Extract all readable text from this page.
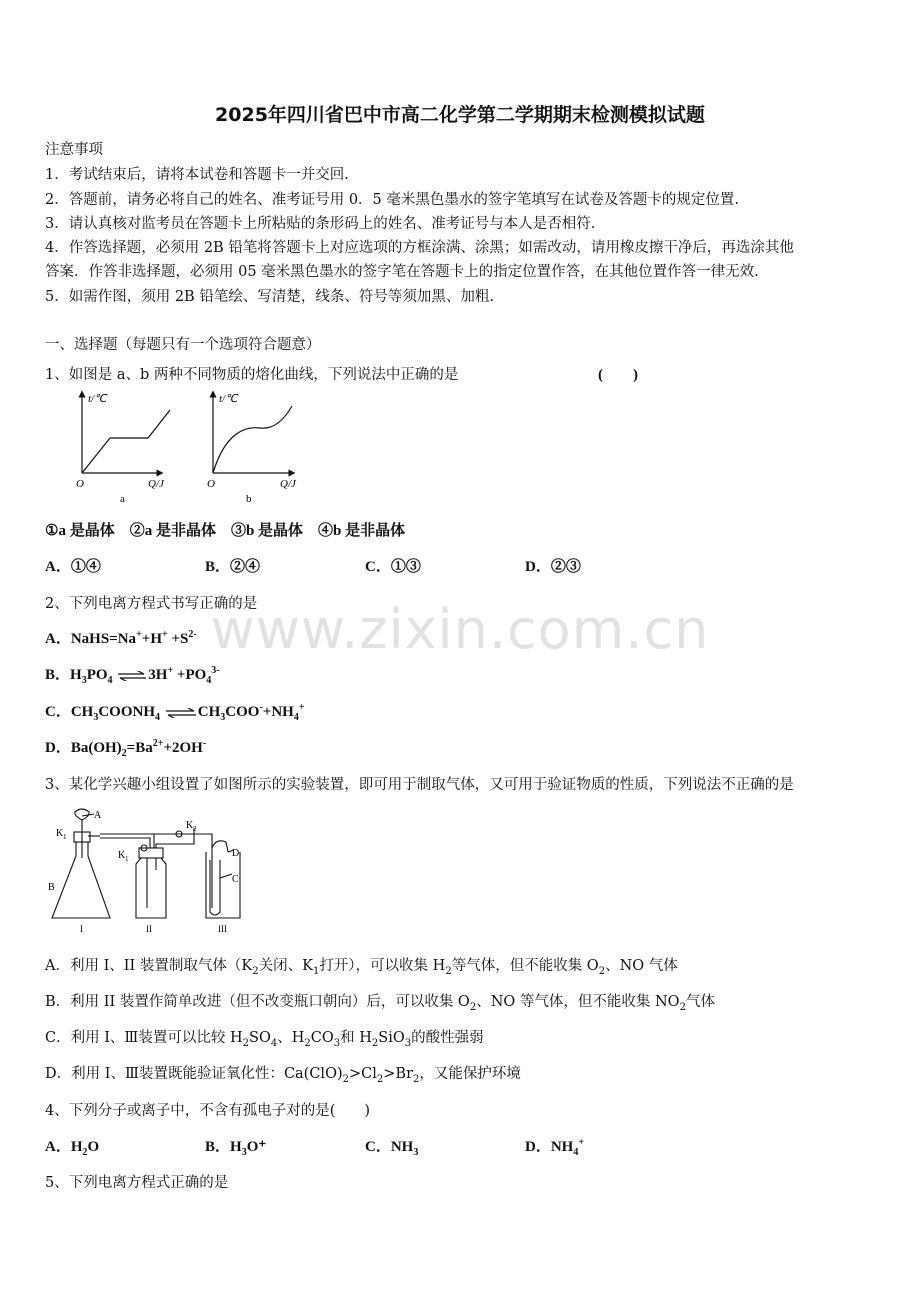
www.zixin.com.cn
2025年四川省巴中市高二化学第二学期期末检测模拟试题
注意事项
1．考试结束后，请将本试卷和答题卡一并交回.
2．答题前，请务必将自己的姓名、准考证号用 0．5 毫米黑色墨水的签字笔填写在试卷及答题卡的规定位置.
3．请认真核对监考员在答题卡上所粘贴的条形码上的姓名、准考证号与本人是否相符.
4．作答选择题，必须用 2B 铅笔将答题卡上对应选项的方框涂满、涂黑；如需改动，请用橡皮擦干净后，再选涂其他
答案．作答非选择题，必须用 05 毫米黑色墨水的签字笔在答题卡上的指定位置作答，在其他位置作答一律无效.
5．如需作图，须用 2B 铅笔绘、写清楚，线条、符号等须加黑、加粗.
一、选择题（每题只有一个选项符合题意）
1、如图是 a、b 两种不同物质的熔化曲线，下列说法中正确的是	(　　)
t/℃
O	Q/J
a
t/℃
O	Q/J
b
①a 是晶体　②a 是非晶体　③b 是晶体　④b 是非晶体
A．①④	B．②④	C．①③	D．②③
2、下列电离方程式书写正确的是
A．NaHS=Na++H+ $+S^{2-}$
B．$H_3PO_4$ ⇌3H+ $+PO_4^{3-}$
C．$CH_3COONH_4$ $\rightleftharpoons CH_3COO^-+NH_4^+$
D．$Ba(OH)_2=Ba^{2+}+2OH^-$
3、某化学兴趣小组设置了如图所示的实验装置，即可用于制取气体，又可用于验证物质的性质，下列说法不正确的是
A
K 1
B
K 1
K 2
D
C
I	II	III
A．利用 I、II 装置制取气体（$K_2$关闭、$K_1$打开），可以收集 $H_2$等气体，但不能收集 $O_2$、NO 气体
B．利用 II 装置作简单改进（但不改变瓶口朝向）后，可以收集 $O_2$、NO 等气体，但不能收集 $NO_2$气体
C．利用 I、Ⅲ装置可以比较 $H_2SO_4$、$H_2CO_3$和 $H_2SiO_3$的酸性强弱
D．利用 I、Ⅲ装置既能验证氧化性：$Ca(ClO)_2>Cl_2>Br_2$，又能保护环境
4、下列分子或离子中，不含有孤电子对的是(　　)
A．$H_2O$	B．$H_3O^+$	C．$NH_3$	D．$NH_4^+$
5、下列电离方程式正确的是
